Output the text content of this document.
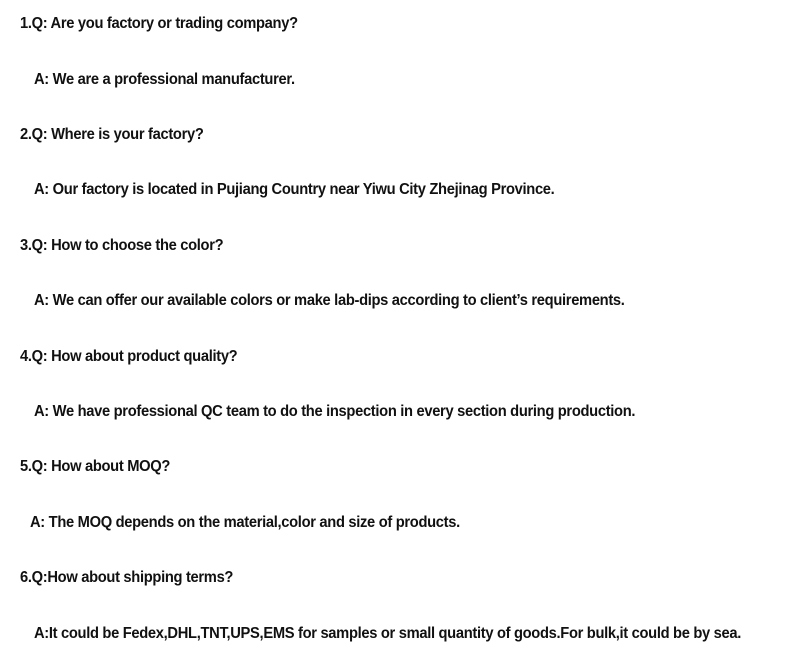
1.Q: Are you factory or trading company?
A: We are a professional manufacturer.
2.Q: Where is your factory?
A: Our factory is located in Pujiang Country near Yiwu City Zhejinag Province.
3.Q: How to choose the color?
A: We can offer our available colors or make lab-dips according to client’s requirements.
4.Q: How about product quality?
A: We have professional QC team to do the inspection in every section during production.
5.Q: How about MOQ?
A: The MOQ depends on the material,color and size of products.
6.Q:How about shipping terms?
A:It could be Fedex,DHL,TNT,UPS,EMS for samples or small quantity of goods.For bulk,it could be by sea.
